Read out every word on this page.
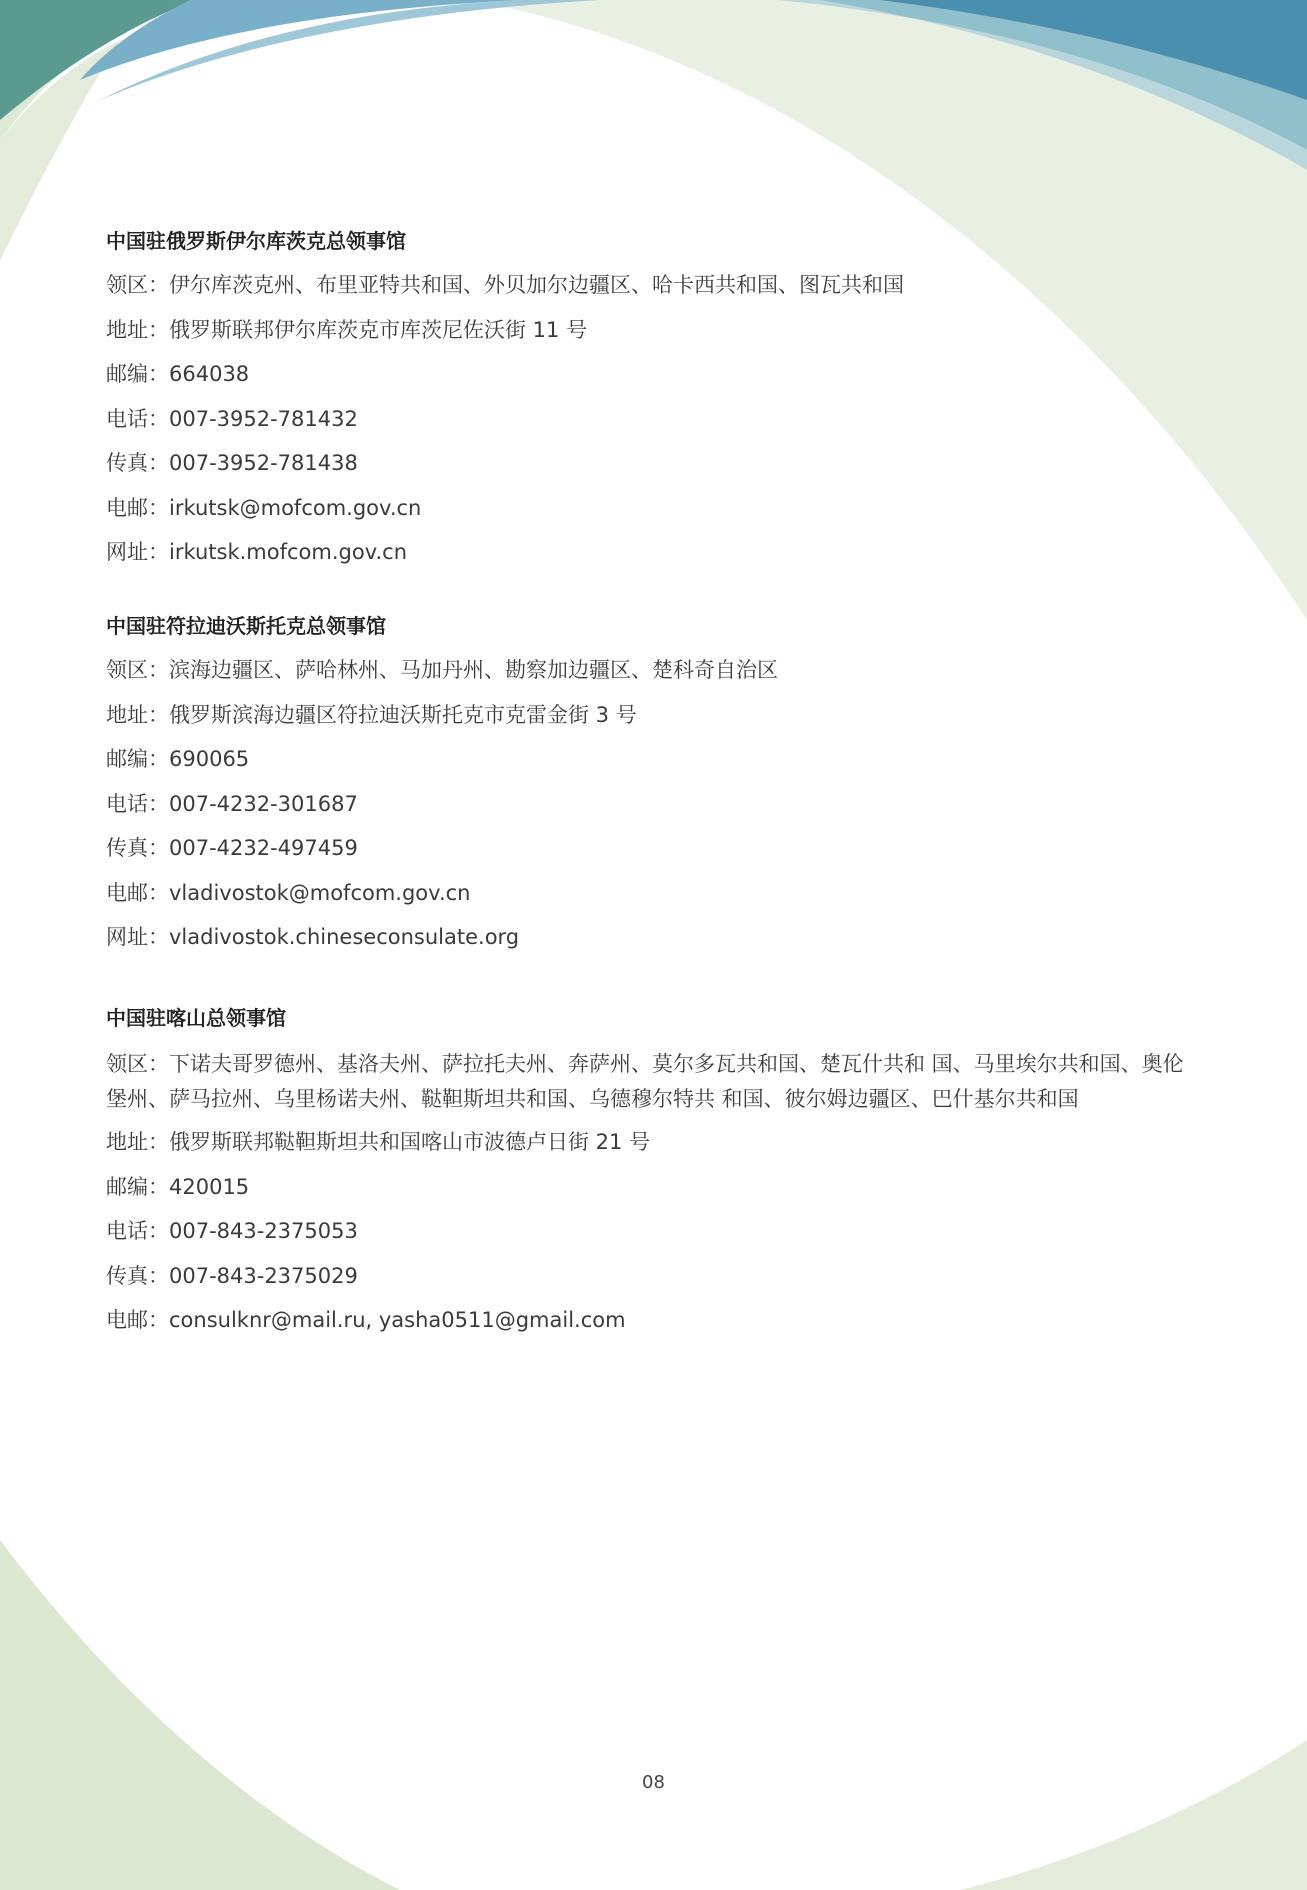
中国驻俄罗斯伊尔库茨克总领事馆
领区：伊尔库茨克州、布里亚特共和国、外贝加尔边疆区、哈卡西共和国、图瓦共和国
地址：俄罗斯联邦伊尔库茨克市库茨尼佐沃街 11 号
邮编：664038
电话：007-3952-781432
传真：007-3952-781438
电邮：irkutsk@mofcom.gov.cn
网址：irkutsk.mofcom.gov.cn
中国驻符拉迪沃斯托克总领事馆
领区：滨海边疆区、萨哈林州、马加丹州、勘察加边疆区、楚科奇自治区
地址：俄罗斯滨海边疆区符拉迪沃斯托克市克雷金街 3 号
邮编：690065
电话：007-4232-301687
传真：007-4232-497459
电邮：vladivostok@mofcom.gov.cn
网址：vladivostok.chineseconsulate.org
中国驻喀山总领事馆
领区：下诺夫哥罗德州、基洛夫州、萨拉托夫州、奔萨州、莫尔多瓦共和国、楚瓦什共和 国、马里埃尔共和国、奥伦堡州、萨马拉州、乌里杨诺夫州、鞑靼斯坦共和国、乌德穆尔特共 和国、彼尔姆边疆区、巴什基尔共和国
地址：俄罗斯联邦鞑靼斯坦共和国喀山市波德卢日街 21 号
邮编：420015
电话：007-843-2375053
传真：007-843-2375029
电邮：consulknr@mail.ru, yasha0511@gmail.com
08
